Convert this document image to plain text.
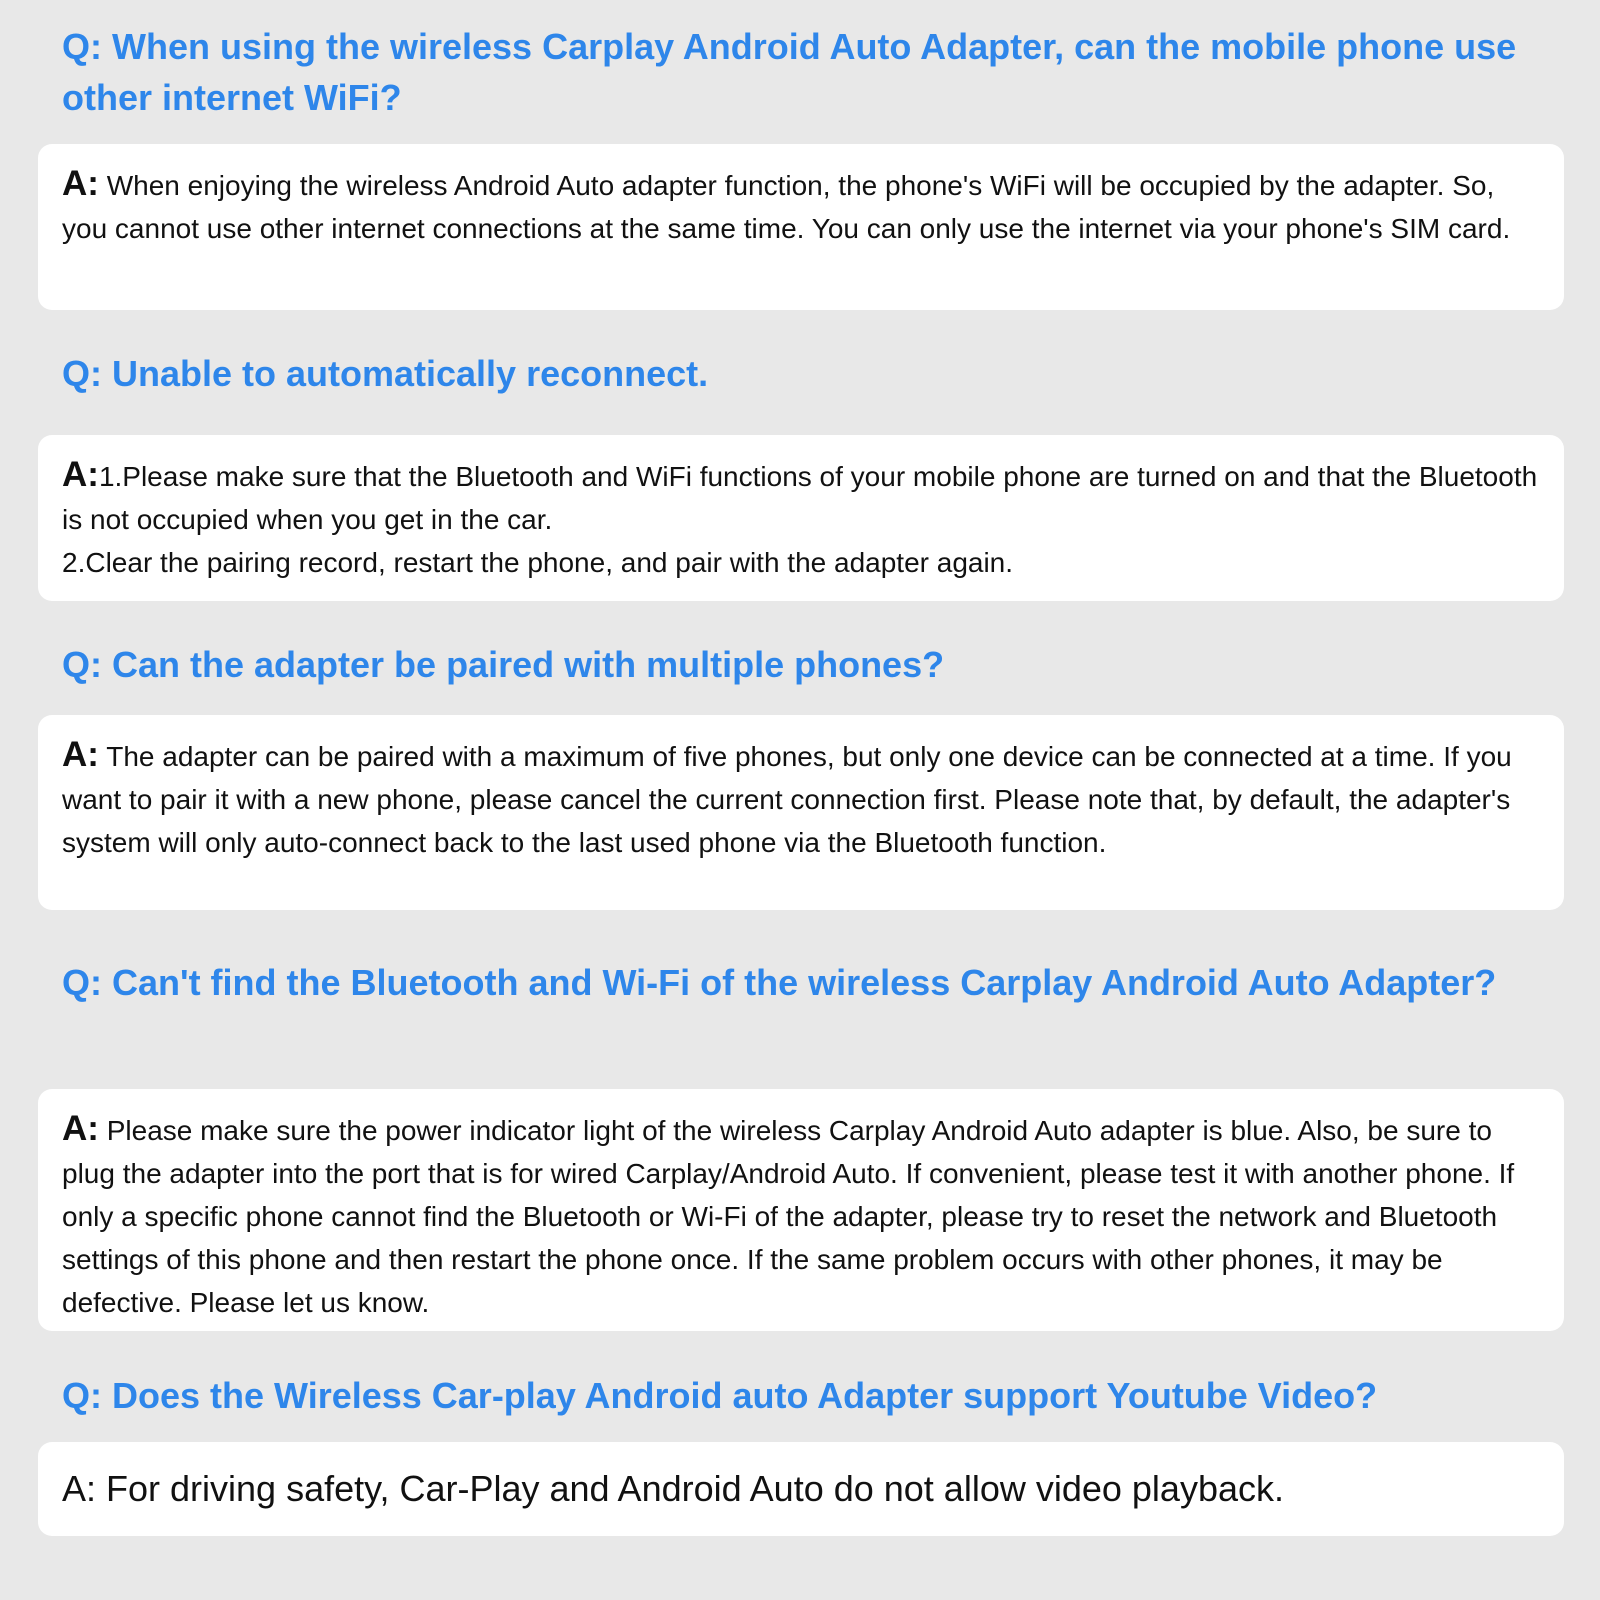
Q: When using the wireless Carplay Android Auto Adapter, can the mobile phone use other internet WiFi?

A: When enjoying the wireless Android Auto adapter function, the phone's WiFi will be occupied by the adapter. So, you cannot use other internet connections at the same time. You can only use the internet via your phone's SIM card.

Q: Unable to automatically reconnect.

A:1.Please make sure that the Bluetooth and WiFi functions of your mobile phone are turned on and that the Bluetooth is not occupied when you get in the car.

2.Clear the pairing record, restart the phone, and pair with the adapter again.

Q: Can the adapter be paired with multiple phones?

A: The adapter can be paired with a maximum of five phones, but only one device can be connected at a time. If you want to pair it with a new phone, please cancel the current connection first. Please note that, by default, the adapter's system will only auto-connect back to the last used phone via the Bluetooth function.

Q: Can't find the Bluetooth and Wi-Fi of the wireless Carplay Android Auto Adapter?

A: Please make sure the power indicator light of the wireless Carplay Android Auto adapter is blue. Also, be sure to plug the adapter into the port that is for wired Carplay/Android Auto. If convenient, please test it with another phone. If only a specific phone cannot find the Bluetooth or Wi-Fi of the adapter, please try to reset the network and Bluetooth settings of this phone and then restart the phone once. If the same problem occurs with other phones, it may be defective. Please let us know.

Q: Does the Wireless Car-play Android auto Adapter support Youtube Video?

A: For driving safety, Car-Play and Android Auto do not allow video playback.
